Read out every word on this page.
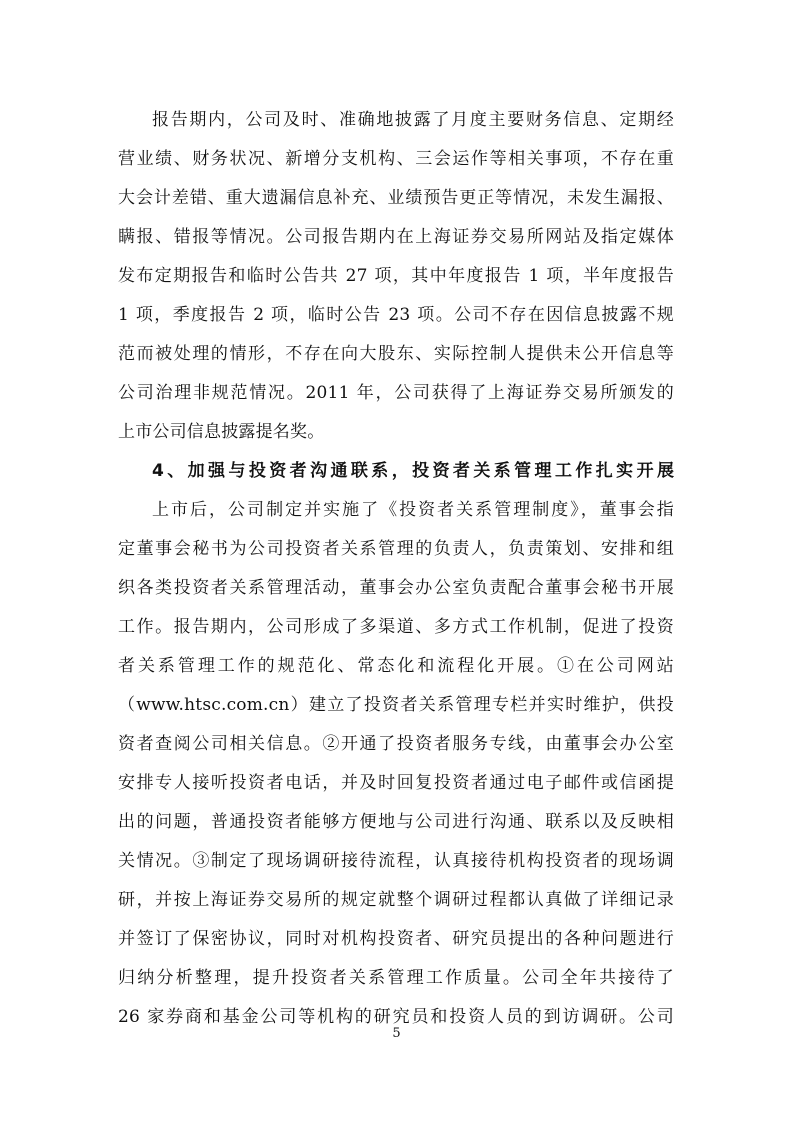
报告期内，公司及时、准确地披露了月度主要财务信息、定期经
营业绩、财务状况、新增分支机构、三会运作等相关事项，不存在重
大会计差错、重大遗漏信息补充、业绩预告更正等情况，未发生漏报、
瞒报、错报等情况。公司报告期内在上海证券交易所网站及指定媒体
发布定期报告和临时公告共 27 项，其中年度报告 1 项，半年度报告
1 项，季度报告 2 项，临时公告 23 项。公司不存在因信息披露不规
范而被处理的情形，不存在向大股东、实际控制人提供未公开信息等
公司治理非规范情况。2011 年，公司获得了上海证券交易所颁发的
上市公司信息披露提名奖。
4、加强与投资者沟通联系，投资者关系管理工作扎实开展
上市后，公司制定并实施了《投资者关系管理制度》，董事会指
定董事会秘书为公司投资者关系管理的负责人，负责策划、安排和组
织各类投资者关系管理活动，董事会办公室负责配合董事会秘书开展
工作。报告期内，公司形成了多渠道、多方式工作机制，促进了投资
者关系管理工作的规范化、常态化和流程化开展。①在公司网站
（www.htsc.com.cn）建立了投资者关系管理专栏并实时维护，供投
资者查阅公司相关信息。②开通了投资者服务专线，由董事会办公室
安排专人接听投资者电话，并及时回复投资者通过电子邮件或信函提
出的问题，普通投资者能够方便地与公司进行沟通、联系以及反映相
关情况。③制定了现场调研接待流程，认真接待机构投资者的现场调
研，并按上海证券交易所的规定就整个调研过程都认真做了详细记录
并签订了保密协议，同时对机构投资者、研究员提出的各种问题进行
归纳分析整理，提升投资者关系管理工作质量。公司全年共接待了
26 家券商和基金公司等机构的研究员和投资人员的到访调研。公司
5
